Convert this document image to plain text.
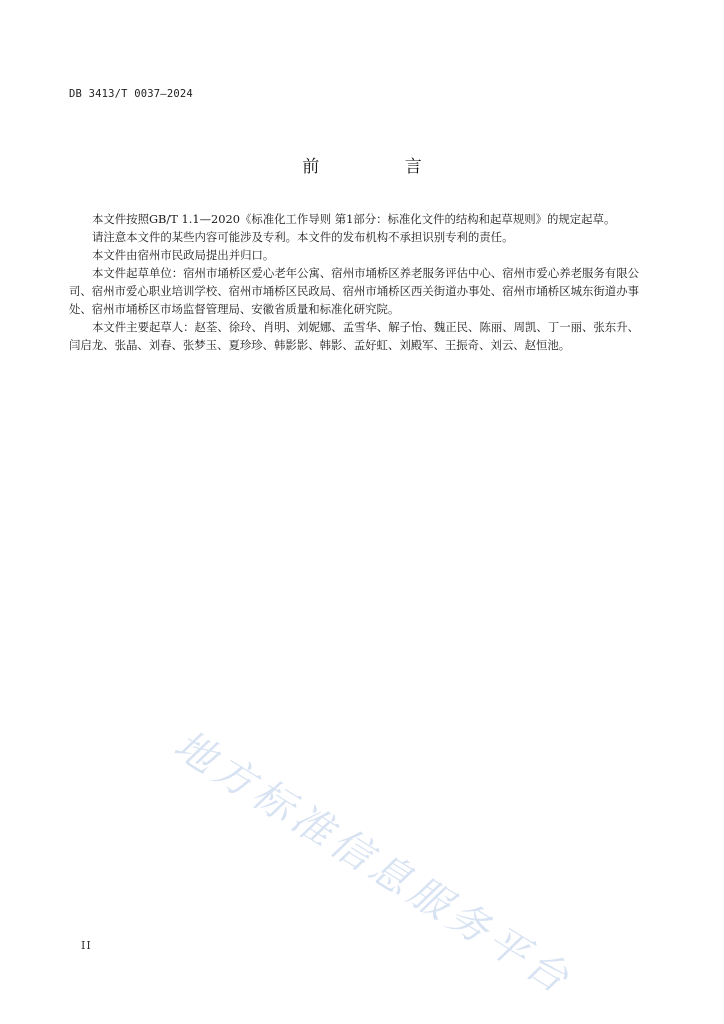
DB 3413/T 0037—2024
前 言

本文件按照GB/T 1.1—2020《标准化工作导则 第1部分：标准化文件的结构和起草规则》的规定起草。

请注意本文件的某些内容可能涉及专利。本文件的发布机构不承担识别专利的责任。

本文件由宿州市民政局提出并归口。

本文件起草单位：宿州市埇桥区爱心老年公寓、宿州市埇桥区养老服务评估中心、宿州市爱心养老服务有限公司、宿州市爱心职业培训学校、宿州市埇桥区民政局、宿州市埇桥区西关街道办事处、宿州市埇桥区城东街道办事处、宿州市埇桥区市场监督管理局、安徽省质量和标准化研究院。

本文件主要起草人：赵荃、徐玲、肖明、刘妮娜、孟雪华、解子怡、魏正民、陈丽、周凯、丁一丽、张东升、闫启龙、张晶、刘春、张梦玉、夏珍珍、韩影影、韩影、孟好虹、刘殿军、王振奇、刘云、赵恒池。

地方标准信息服务平台
II
